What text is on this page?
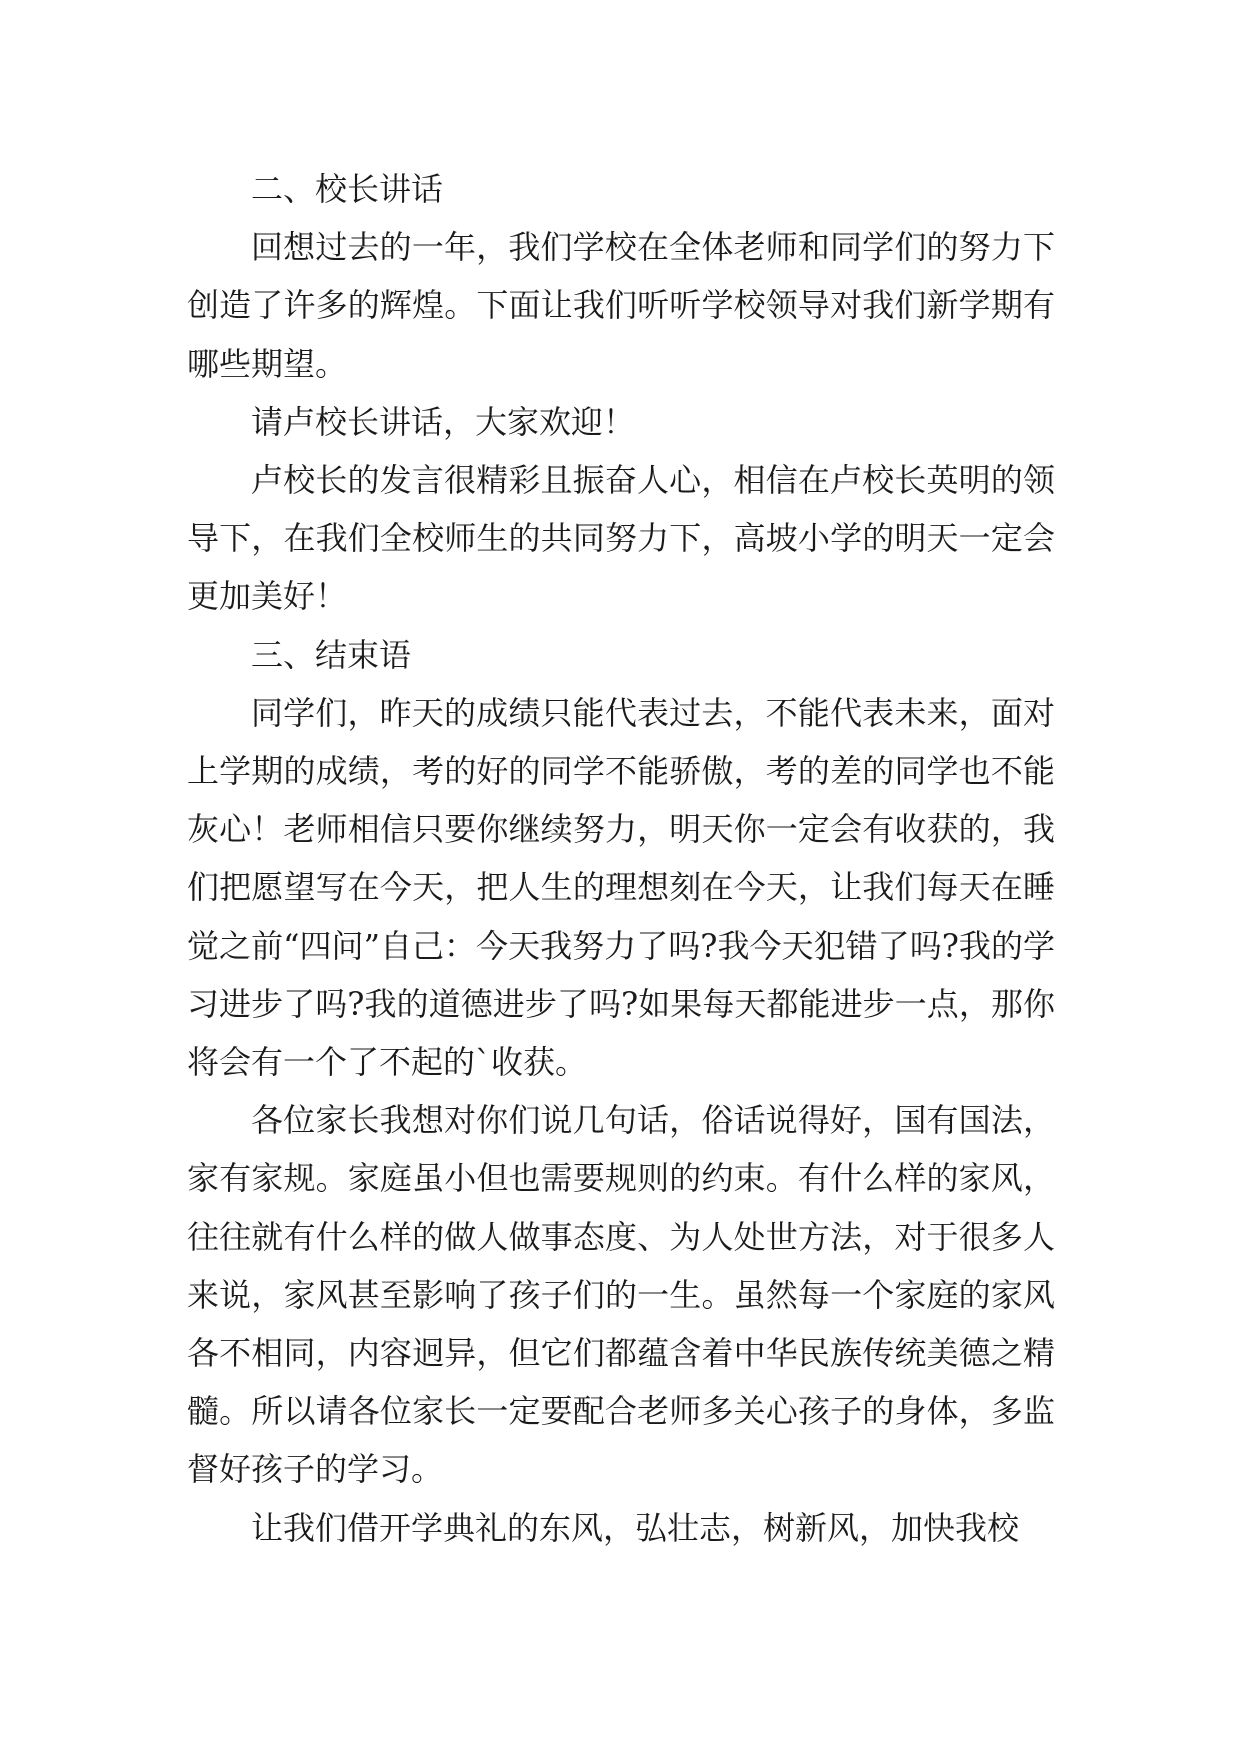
二、校长讲话

回想过去的一年，我们学校在全体老师和同学们的努力下创造了许多的辉煌。下面让我们听听学校领导对我们新学期有哪些期望。

请卢校长讲话，大家欢迎！

卢校长的发言很精彩且振奋人心，相信在卢校长英明的领导下，在我们全校师生的共同努力下，高坡小学的明天一定会更加美好！

三、结束语

同学们，昨天的成绩只能代表过去，不能代表未来，面对上学期的成绩，考的好的同学不能骄傲，考的差的同学也不能灰心！老师相信只要你继续努力，明天你一定会有收获的，我们把愿望写在今天，把人生的理想刻在今天，让我们每天在睡觉之前“四问”自己：今天我努力了吗?我今天犯错了吗?我的学习进步了吗?我的道德进步了吗?如果每天都能进步一点，那你将会有一个了不起的`收获。

各位家长我想对你们说几句话，俗话说得好，国有国法，家有家规。家庭虽小但也需要规则的约束。有什么样的家风，往往就有什么样的做人做事态度、为人处世方法，对于很多人来说，家风甚至影响了孩子们的一生。虽然每一个家庭的家风各不相同，内容迥异，但它们都蕴含着中华民族传统美德之精髓。所以请各位家长一定要配合老师多关心孩子的身体，多监督好孩子的学习。

让我们借开学典礼的东风，弘壮志，树新风，加快我校
